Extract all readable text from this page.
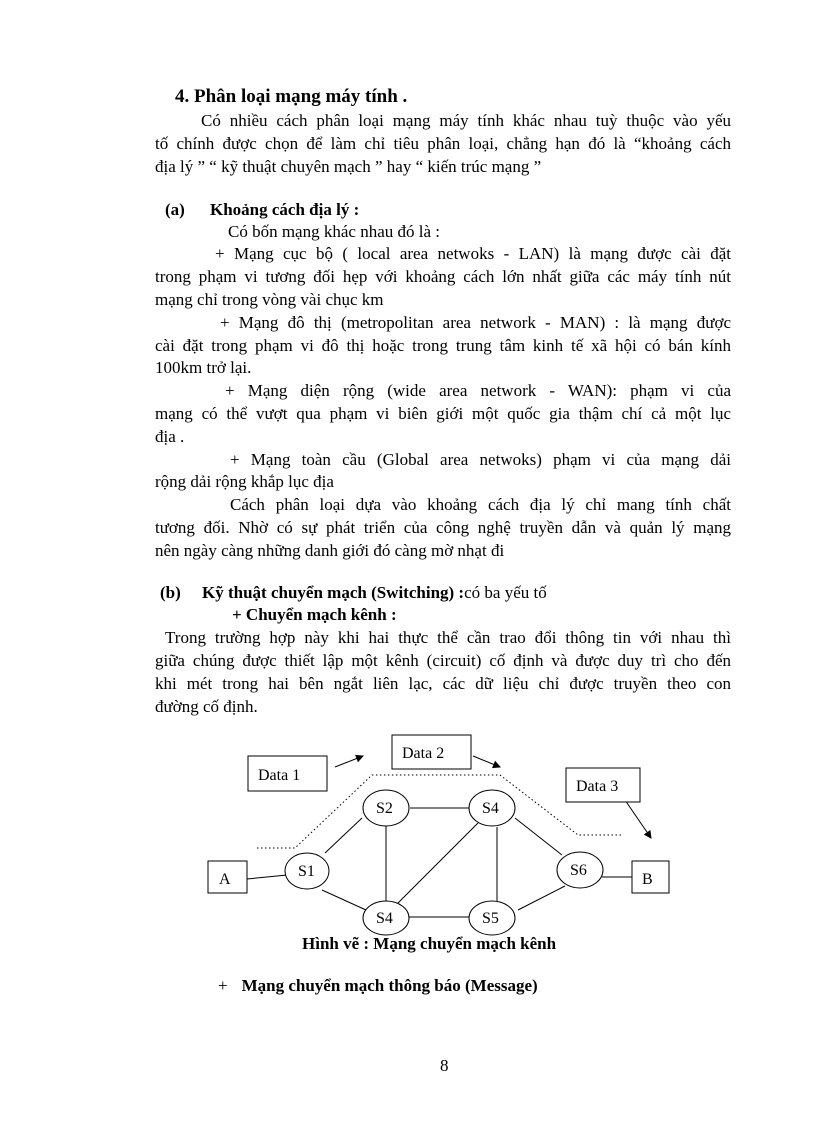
4. Phân loại mạng máy tính .
Có nhiều cách phân loại mạng máy tính khác nhau tuỳ thuộc vào yếu
tố chính được chọn để làm chỉ tiêu phân loại, chẳng hạn đó là “khoảng cách
địa lý ” “ kỹ thuật chuyên mạch ” hay “ kiến trúc mạng ”
(a) Khoảng cách địa lý :
Có bốn mạng khác nhau đó là :
+ Mạng cục bộ ( local area netwoks - LAN) là mạng được cài đặt
trong phạm vi tương đối hẹp với khoảng cách lớn nhất giữa các máy tính nút
mạng chỉ trong vòng vài chục km
+ Mạng đô thị (metropolitan area network - MAN) : là mạng được
cài đặt trong phạm vi đô thị hoặc trong trung tâm kinh tế xã hội có bán kính
100km trở lại.
+ Mạng diện rộng (wide area network - WAN): phạm vi của
mạng có thể vượt qua phạm vi biên giới một quốc gia thậm chí cả một lục
địa .
+ Mạng toàn cầu (Global area netwoks) phạm vi của mạng dải
rộng dải rộng khắp lục địa
Cách phân loại dựa vào khoảng cách địa lý chỉ mang tính chất
tương đối. Nhờ có sự phát triển của công nghệ truyền dẫn và quản lý mạng
nên ngày càng những danh giới đó càng mờ nhạt đi
(b) Kỹ thuật chuyển mạch (Switching) :có ba yếu tố
+ Chuyển mạch kênh :
Trong trường hợp này khi hai thực thể cần trao đổi thông tin với nhau thì
giữa chúng được thiết lập một kênh (circuit) cố định và được duy trì cho đến
khi mét trong hai bên ngắt liên lạc, các dữ liệu chỉ được truyền theo con
đường cố định.
Data 1
Data 2
Data 3
A	B
S1
S2	S4
S6
S4	S5
Hình vẽ : Mạng chuyển mạch kênh
+ Mạng chuyển mạch thông báo (Message)
8
